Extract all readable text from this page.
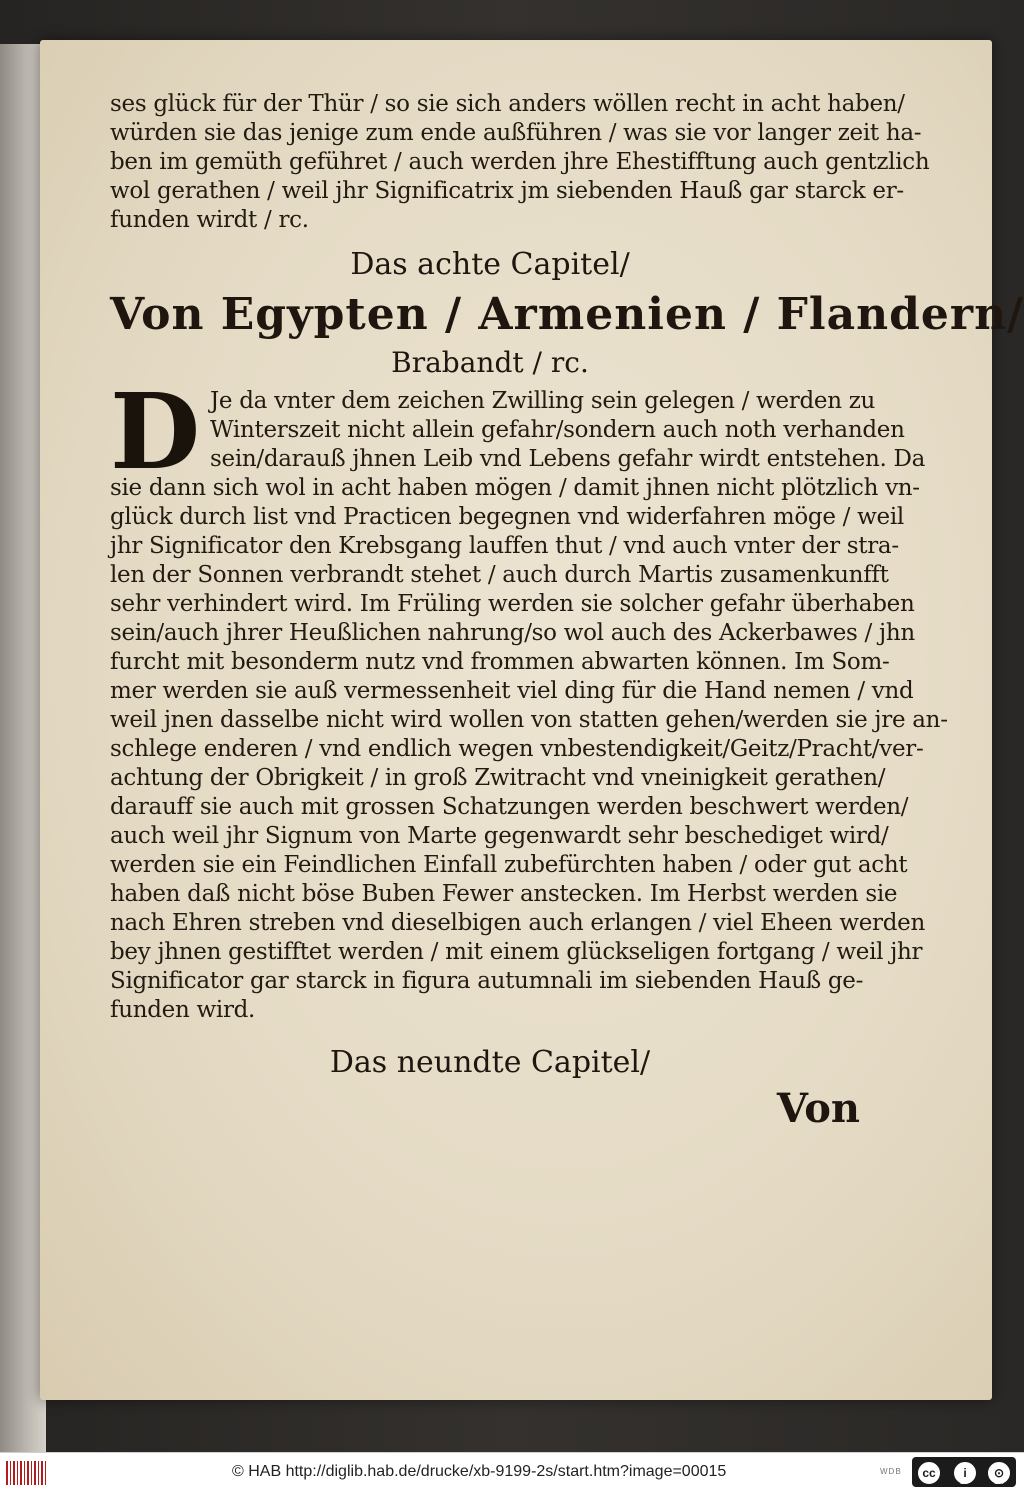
ses glück für der Thür / so sie sich anders wöllen recht in acht haben/
würden sie das jenige zum ende außführen / was sie vor langer zeit ha-
ben im gemüth geführet / auch werden jhre Ehestifftung auch gentzlich
wol gerathen / weil jhr Significatrix jm siebenden Hauß gar starck er-
funden wirdt / rc.
Das achte Capitel/
Von Egypten / Armenien / Flandern/
Brabandt / rc.
D Je da vnter dem zeichen Zwilling sein gelegen / werden zu
Winterszeit nicht allein gefahr/sondern auch noth verhanden
sein/darauß jhnen Leib vnd Lebens gefahr wirdt entstehen. Da
sie dann sich wol in acht haben mögen / damit jhnen nicht plötzlich vn-
glück durch list vnd Practicen begegnen vnd widerfahren möge / weil
jhr Significator den Krebsgang lauffen thut / vnd auch vnter der stra-
len der Sonnen verbrandt stehet / auch durch Martis zusamenkunfft
sehr verhindert wird. Im Früling werden sie solcher gefahr überhaben
sein/auch jhrer Heußlichen nahrung/so wol auch des Ackerbawes / jhn
furcht mit besonderm nutz vnd frommen abwarten können. Im Som-
mer werden sie auß vermessenheit viel ding für die Hand nemen / vnd
weil jnen dasselbe nicht wird wollen von statten gehen/werden sie jre an-
schlege enderen / vnd endlich wegen vnbestendigkeit/Geitz/Pracht/ver-
achtung der Obrigkeit / in groß Zwitracht vnd vneinigkeit gerathen/
darauff sie auch mit grossen Schatzungen werden beschwert werden/
auch weil jhr Signum von Marte gegenwardt sehr beschediget wird/
werden sie ein Feindlichen Einfall zubefürchten haben / oder gut acht
haben daß nicht böse Buben Fewer anstecken. Im Herbst werden sie
nach Ehren streben vnd dieselbigen auch erlangen / viel Eheen werden
bey jhnen gestifftet werden / mit einem glückseligen fortgang / weil jhr
Significator gar starck in figura autumnali im siebenden Hauß ge-
funden wird.
Das neundte Capitel/
Von
© HAB http://diglib.hab.de/drucke/xb-9199-2s/start.htm?image=00015	WDB	cc	i	⊙
BY	SA
